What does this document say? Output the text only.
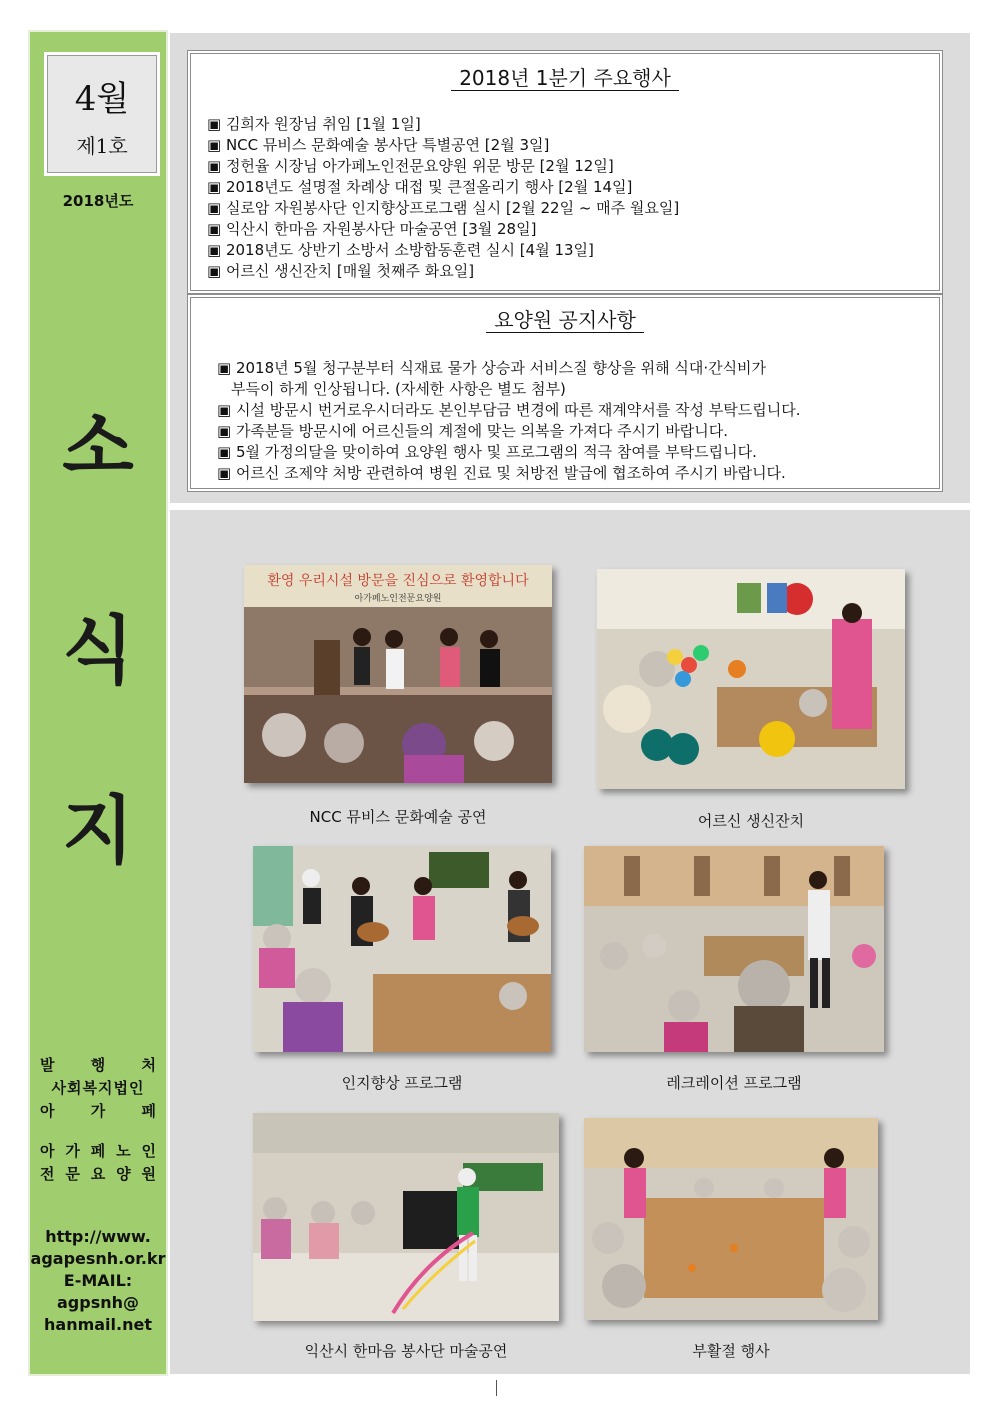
4월
제1호
2018년도
소
식
지
발 행 처
사회복지법인
아 가 페
아 가 페 노 인
전 문 요 양 원
http://www.
agapesnh.or.kr
E-MAIL:
agpsnh@
hanmail.net
2018년 1분기 주요행사
▣ 김희자 원장님 취임 [1월 1일]
▣ NCC 뮤비스 문화예술 봉사단 특별공연 [2월 3일]
▣ 정헌율 시장님 아가페노인전문요양원 위문 방문 [2월 12일]
▣ 2018년도 설명절 차례상 대접 및 큰절올리기 행사 [2월 14일]
▣ 실로암 자원봉사단 인지향상프로그램 실시 [2월 22일 ~ 매주 월요일]
▣ 익산시 한마음 자원봉사단 마술공연 [3월 28일]
▣ 2018년도 상반기 소방서 소방합동훈련 실시 [4월 13일]
▣ 어르신 생신잔치 [매월 첫째주 화요일]
요양원 공지사항
▣ 2018년 5월 청구분부터 식재료 물가 상승과 서비스질 향상을 위해 식대·간식비가
부득이 하게 인상됩니다. (자세한 사항은 별도 첨부)
▣ 시설 방문시 번거로우시더라도 본인부담금 변경에 따른 재계약서를 작성 부탁드립니다.
▣ 가족분들 방문시에 어르신들의 계절에 맞는 의복을 가져다 주시기 바랍니다.
▣ 5월 가정의달을 맞이하여 요양원 행사 및 프로그램의 적극 참여를 부탁드립니다.
▣ 어르신 조제약 처방 관련하여 병원 진료 및 처방전 발급에 협조하여 주시기 바랍니다.
환영 우리시설 방문을 진심으로 환영합니다
아가페노인전문요양원
NCC 뮤비스 문화예술 공연	어르신 생신잔치
인지향상 프로그램	레크레이션 프로그램
익산시 한마음 봉사단 마술공연	부활절 행사
